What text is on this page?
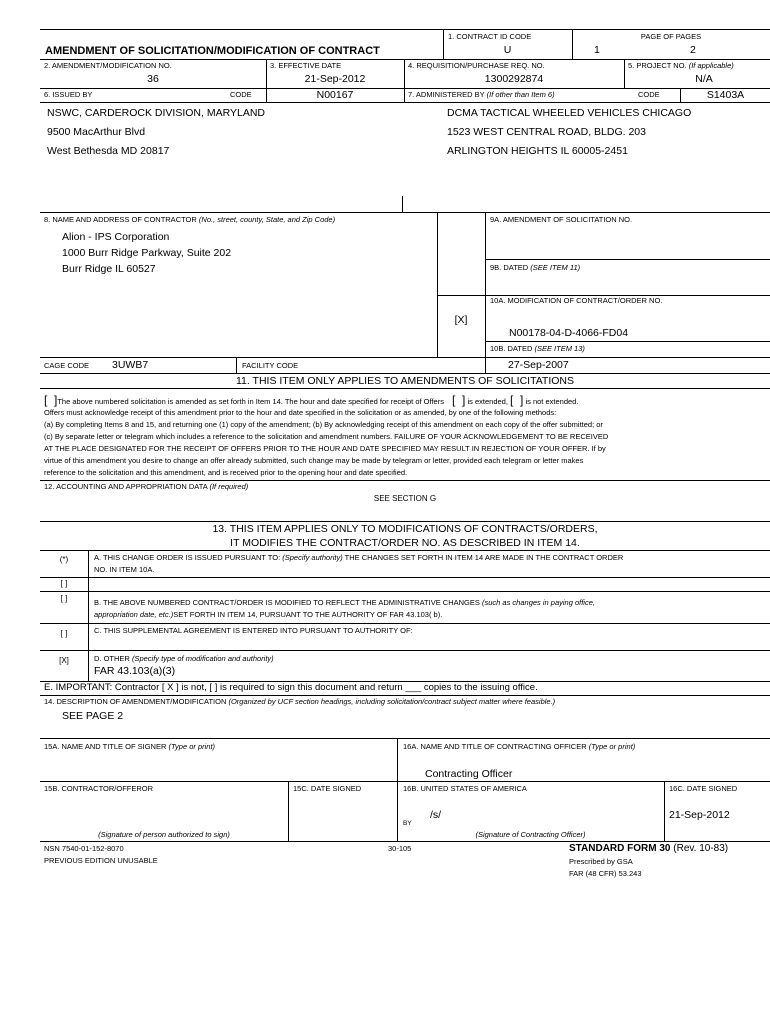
AMENDMENT OF SOLICITATION/MODIFICATION OF CONTRACT
1. CONTRACT ID CODE
U
PAGE OF PAGES
1	2
2. AMENDMENT/MODIFICATION NO.
36
3. EFFECTIVE DATE
21-Sep-2012
4. REQUISITION/PURCHASE REQ. NO.
1300292874
5. PROJECT NO. (If applicable)
N/A
6. ISSUED BY	CODE	N00167	7. ADMINISTERED BY (If other than Item 6)	CODE	S1403A
NSWC, CARDEROCK DIVISION, MARYLAND
9500 MacArthur Blvd
West Bethesda MD 20817
DCMA TACTICAL WHEELED VEHICLES CHICAGO
1523 WEST CENTRAL ROAD, BLDG. 203
ARLINGTON HEIGHTS IL 60005-2451
8. NAME AND ADDRESS OF CONTRACTOR (No., street, county, State, and Zip Code)
Alion - IPS Corporation
1000 Burr Ridge Parkway, Suite 202
Burr Ridge IL 60527
9A. AMENDMENT OF SOLICITATION NO.
9B. DATED (SEE ITEM 11)
10A. MODIFICATION OF CONTRACT/ORDER NO.
[X]
N00178-04-D-4066-FD04
10B. DATED (SEE ITEM 13)
27-Sep-2007
CAGE CODE 3UWB7	FACILITY CODE
11. THIS ITEM ONLY APPLIES TO AMENDMENTS OF SOLICITATIONS
[  ]The above numbered solicitation is amended as set forth in Item 14. The hour and date specified for receipt of Offers [  ] is extended, [  ] is not extended.
Offers must acknowledge receipt of this amendment prior to the hour and date specified in the solicitation or as amended, by one of the following methods:
(a) By completing Items 8 and 15, and returning one (1) copy of the amendment; (b) By acknowledging receipt of this amendment on each copy of the offer submitted; or
(c) By separate letter or telegram which includes a reference to the solicitation and amendment numbers. FAILURE OF YOUR ACKNOWLEDGEMENT TO BE RECEIVED
AT THE PLACE DESIGNATED FOR THE RECEIPT OF OFFERS PRIOR TO THE HOUR AND DATE SPECIFIED MAY RESULT IN REJECTION OF YOUR OFFER. If by
virtue of this amendment you desire to change an offer already submitted, such change may be made by telegram or letter, provided each telegram or letter makes
reference to the solicitation and this amendment, and is received prior to the opening hour and date specified.
12. ACCOUNTING AND APPROPRIATION DATA (If required)
SEE SECTION G
13. THIS ITEM APPLIES ONLY TO MODIFICATIONS OF CONTRACTS/ORDERS,
IT MODIFIES THE CONTRACT/ORDER NO. AS DESCRIBED IN ITEM 14.
(*)	A. THIS CHANGE ORDER IS ISSUED PURSUANT TO: (Specify authority) THE CHANGES SET FORTH IN ITEM 14 ARE MADE IN THE CONTRACT ORDER
NO. IN ITEM 10A.
[ ]
[ ]	B. THE ABOVE NUMBERED CONTRACT/ORDER IS MODIFIED TO REFLECT THE ADMINISTRATIVE CHANGES (such as changes in paying office,
appropriation date, etc.)SET FORTH IN ITEM 14, PURSUANT TO THE AUTHORITY OF FAR 43.103( b).
[ ]	C. THIS SUPPLEMENTAL AGREEMENT IS ENTERED INTO PURSUANT TO AUTHORITY OF:
[X]	D. OTHER (Specify type of modification and authority)
FAR 43.103(a)(3)
E. IMPORTANT: Contractor [ X ] is not, [ ] is required to sign this document and return ___ copies to the issuing office.
14. DESCRIPTION OF AMENDMENT/MODIFICATION (Organized by UCF section headings, including solicitation/contract subject matter where feasible.)
SEE PAGE 2
15A. NAME AND TITLE OF SIGNER (Type or print)	16A. NAME AND TITLE OF CONTRACTING OFFICER (Type or print)
Contracting Officer
15B. CONTRACTOR/OFFEROR
(Signature of person authorized to sign)
15C. DATE SIGNED	16B. UNITED STATES OF AMERICA
BY
/s/
(Signature of Contracting Officer)
16C. DATE SIGNED
21-Sep-2012
NSN 7540-01-152-8070
PREVIOUS EDITION UNUSABLE
30-105	STANDARD FORM 30 (Rev. 10-83)
Prescribed by GSA
FAR (48 CFR) 53.243
